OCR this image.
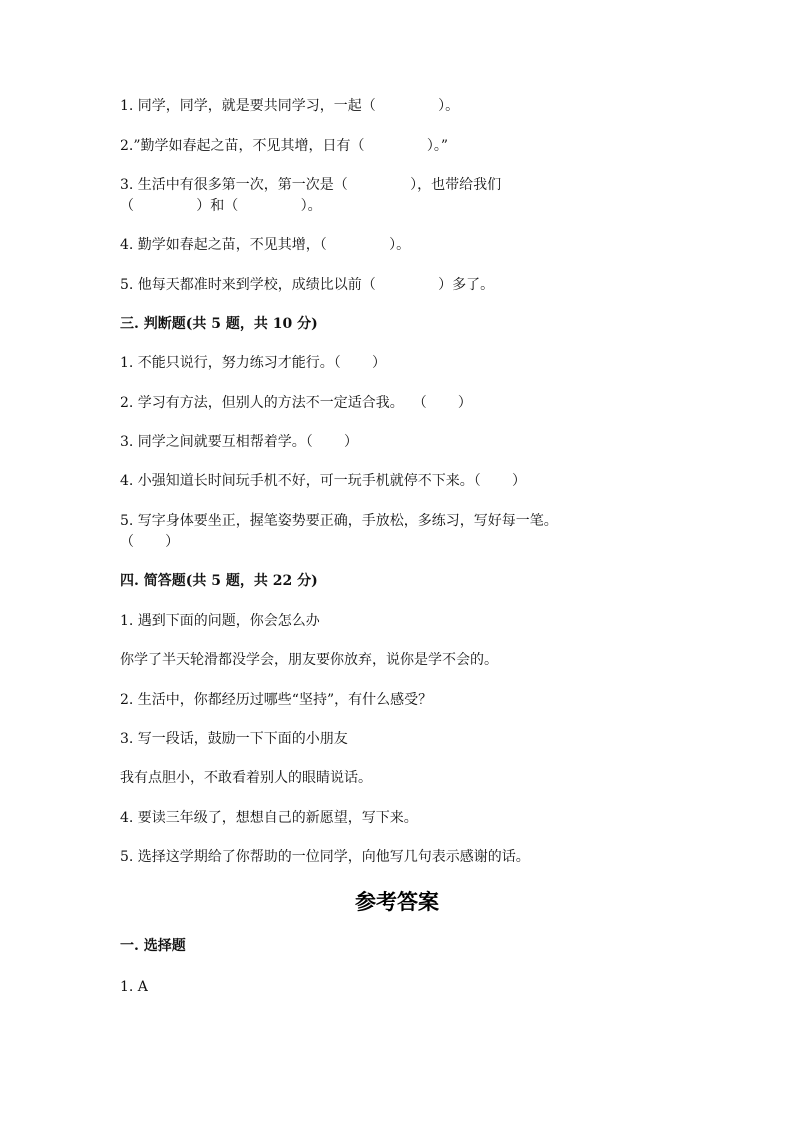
1. 同学，同学，就是要共同学习，一起（              ）。
2.”勤学如春起之苗，不见其增，日有（              ）。”
3. 生活中有很多第一次，第一次是（              ），也带给我们
（              ）和（              ）。
4. 勤学如春起之苗，不见其增，（              ）。
5. 他每天都准时来到学校，成绩比以前（              ）多了。
三. 判断题(共 5 题，共 10 分)
1. 不能只说行，努力练习才能行。（       ）
2. 学习有方法，但别人的方法不一定适合我。  （       ）
3. 同学之间就要互相帮着学。（       ）
4. 小强知道长时间玩手机不好，可一玩手机就停不下来。（       ）
5. 写字身体要坐正，握笔姿势要正确，手放松，多练习，写好每一笔。
（       ）
四. 简答题(共 5 题，共 22 分)
1. 遇到下面的问题，你会怎么办
你学了半天轮滑都没学会，朋友要你放弃，说你是学不会的。
2. 生活中，你都经历过哪些“坚持”，有什么感受？
3. 写一段话，鼓励一下下面的小朋友
我有点胆小，不敢看着别人的眼睛说话。
4. 要读三年级了，想想自己的新愿望，写下来。
5. 选择这学期给了你帮助的一位同学，向他写几句表示感谢的话。
参考答案
一. 选择题
1. A
